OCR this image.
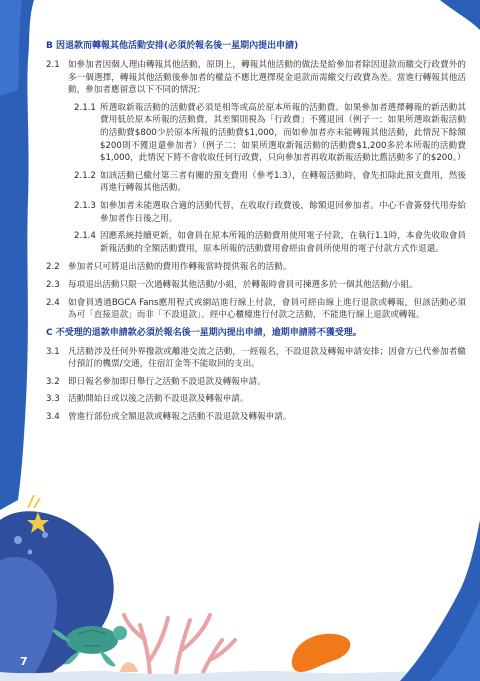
B 因退款而轉報其他活動安排(必須於報名後一星期內提出申請)
2.1 如參加者因個人理由轉報其他活動，原則上，轉報其他活動的做法是給參加者除因退款而繳交行政費外的多一個選擇，轉報其他活動後參加者的權益不應比選擇現金退款而需繳交行政費為差。當進行轉報其他活動，參加者應留意以下不同的情況：
2.1.1 所選取新報活動的活動費必須是相等或高於原本所報的活動費。如果參加者選擇轉報的新活動其費用低於原本所報的活動費，其差額則視為「行政費」不獲退回（例子一：如果所選取新報活動的活動費$800少於原本所報的活動費$1,000，而如參加者亦未能轉報其他活動，此情況下餘額$200則不獲退還參加者）（例子二：如果所選取新報活動的活動費$1,200多於本所報的活動費$1,000，此情況下將不會收取任何行政費，只向參加者再收取新報活動比舊活動多了的$200。）
2.1.2 如該活動已繳付第三者有關的預支費用（參考1.3），在轉報活動時，會先扣除此預支費用，然後再進行轉報其他活動。
2.1.3 如參加者未能選取合適的活動代替，在收取行政費後，餘額退回參加者。中心不會簽發代用券給參加者作日後之用。
2.1.4 因應系統持續更新，如會員在原本所報的活動費用使用電子付款，在執行1.1時，本會先收取會員新報活動的全額活動費用，原本所報的活動費用會經由會員所使用的電子付款方式作退還。
2.2 參加者只可將退出活動的費用作轉報當時提供報名的活動。
2.3 每項退出活動只限一次過轉報其他活動/小組，於轉報時會員可揀選多於一個其他活動/小組。
2.4 如會員透過BGCA Fans應用程式或網站進行線上付款，會員可經由線上進行退款或轉報，但該活動必須為可「直接退款」而非「不設退款」。經中心櫃檯進行付款之活動，不能進行線上退款或轉報。
C 不受理的退款申請款必須於報名後一星期內提出申請，逾期申請將不獲受理。
3.1 凡活動涉及任何外界撥款或離港交流之活動，一經報名，不設退款及轉報申請安排；因會方已代參加者繳付預訂的機票/交通，住宿訂金等不能取回的支出。
3.2 即日報名參加即日舉行之活動不設退款及轉報申請。
3.3 活動開始日或以後之活動不設退款及轉報申請。
3.4 曾進行部份或全額退款或轉報之活動不設退款及轉報申請。
7
